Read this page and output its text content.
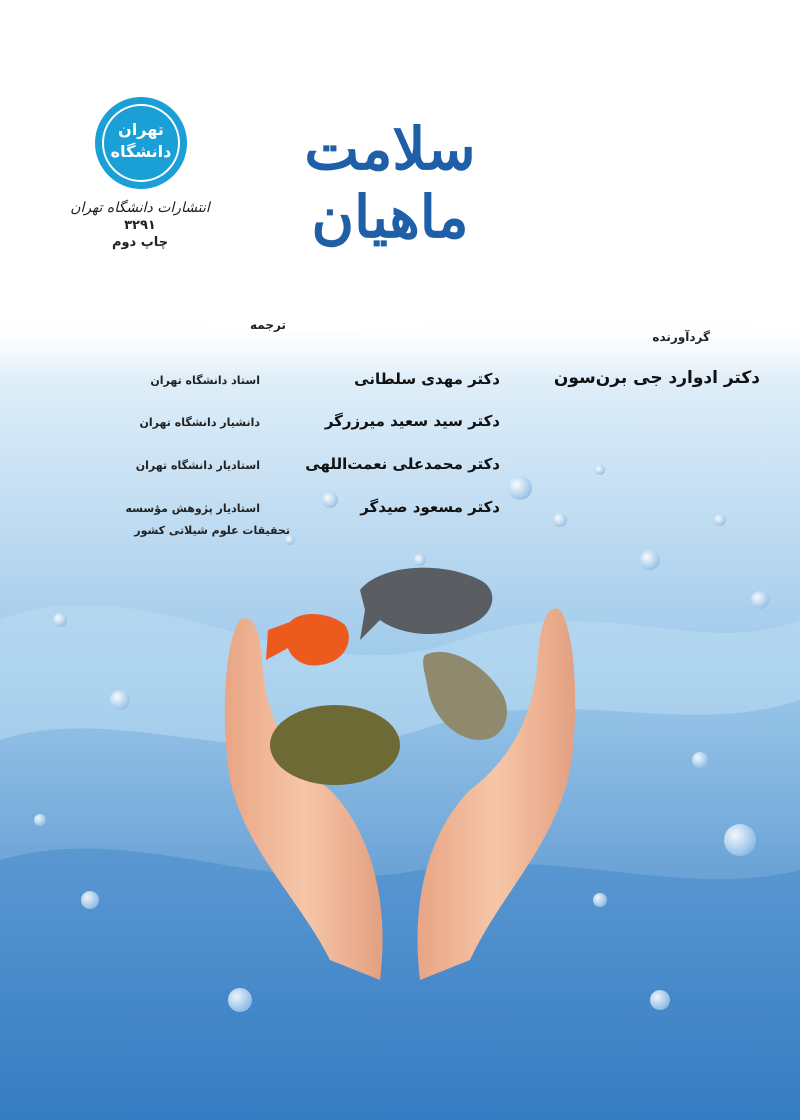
تهران
دانشگاه	سلامت ماهیان
انتشارات دانشگاه تهران
۳۲۹۱
چاپ دوم
گردآورنده
دکتر ادوارد جی برن‌سون
ترجمه
دکتر مهدی سلطانی
استاد دانشگاه تهران
دکتر سید سعید میرزرگر
دانشیار دانشگاه تهران
دکتر محمدعلی نعمت‌اللهی
استادیار دانشگاه تهران
دکتر مسعود صیدگر
استادیار پژوهش مؤسسه
تحقیقات علوم شیلاتی کشور
